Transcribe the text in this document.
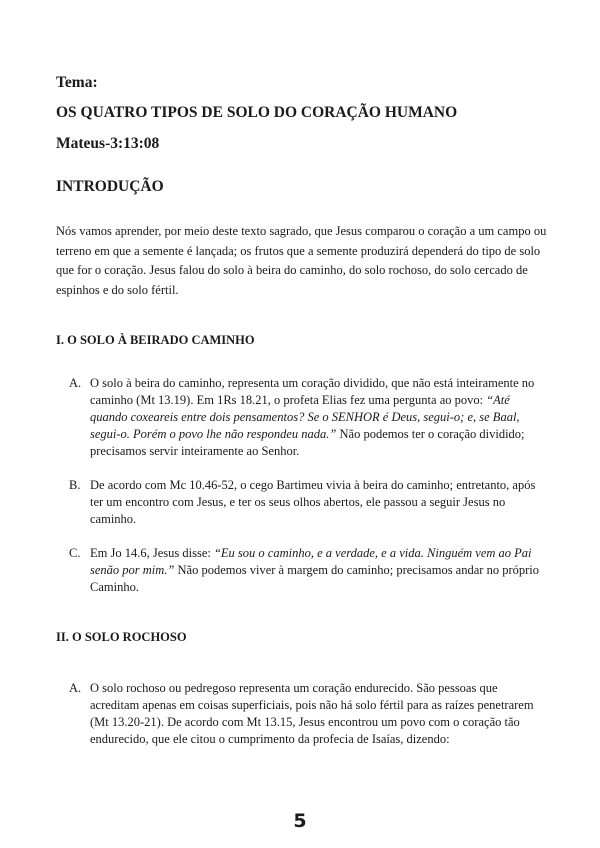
Tema:
OS QUATRO TIPOS DE SOLO DO CORAÇÃO HUMANO
Mateus-3:13:08
INTRODUÇÃO

Nós vamos aprender, por meio deste texto sagrado, que Jesus comparou o coração a um campo ou terreno em que a semente é lançada; os frutos que a semente produzirá dependerá do tipo de solo que for o coração. Jesus falou do solo à beira do caminho, do solo rochoso, do solo cercado de espinhos e do solo fértil.

I. O SOLO À BEIRADO CAMINHO
A. O solo à beira do caminho, representa um coração dividido, que não está inteiramente no caminho (Mt 13.19). Em 1Rs 18.21, o profeta Elias fez uma pergunta ao povo: “Até quando coxeareis entre dois pensamentos? Se o SENHOR é Deus, segui-o; e, se Baal, segui-o. Porém o povo lhe não respondeu nada.” Não podemos ter o coração dividido; precisamos servir inteiramente ao Senhor.
B. De acordo com Mc 10.46-52, o cego Bartimeu vivia à beira do caminho; entretanto, após ter um encontro com Jesus, e ter os seus olhos abertos, ele passou a seguir Jesus no caminho.
C. Em Jo 14.6, Jesus disse: “Eu sou o caminho, e a verdade, e a vida. Ninguém vem ao Pai senão por mim.” Não podemos viver à margem do caminho; precisamos andar no próprio Caminho.
II. O SOLO ROCHOSO
A. O solo rochoso ou pedregoso representa um coração endurecido. São pessoas que acreditam apenas em coisas superficiais, pois não há solo fértil para as raízes penetrarem (Mt 13.20-21). De acordo com Mt 13.15, Jesus encontrou um povo com o coração tão endurecido, que ele citou o cumprimento da profecia de Isaías, dizendo:
5
